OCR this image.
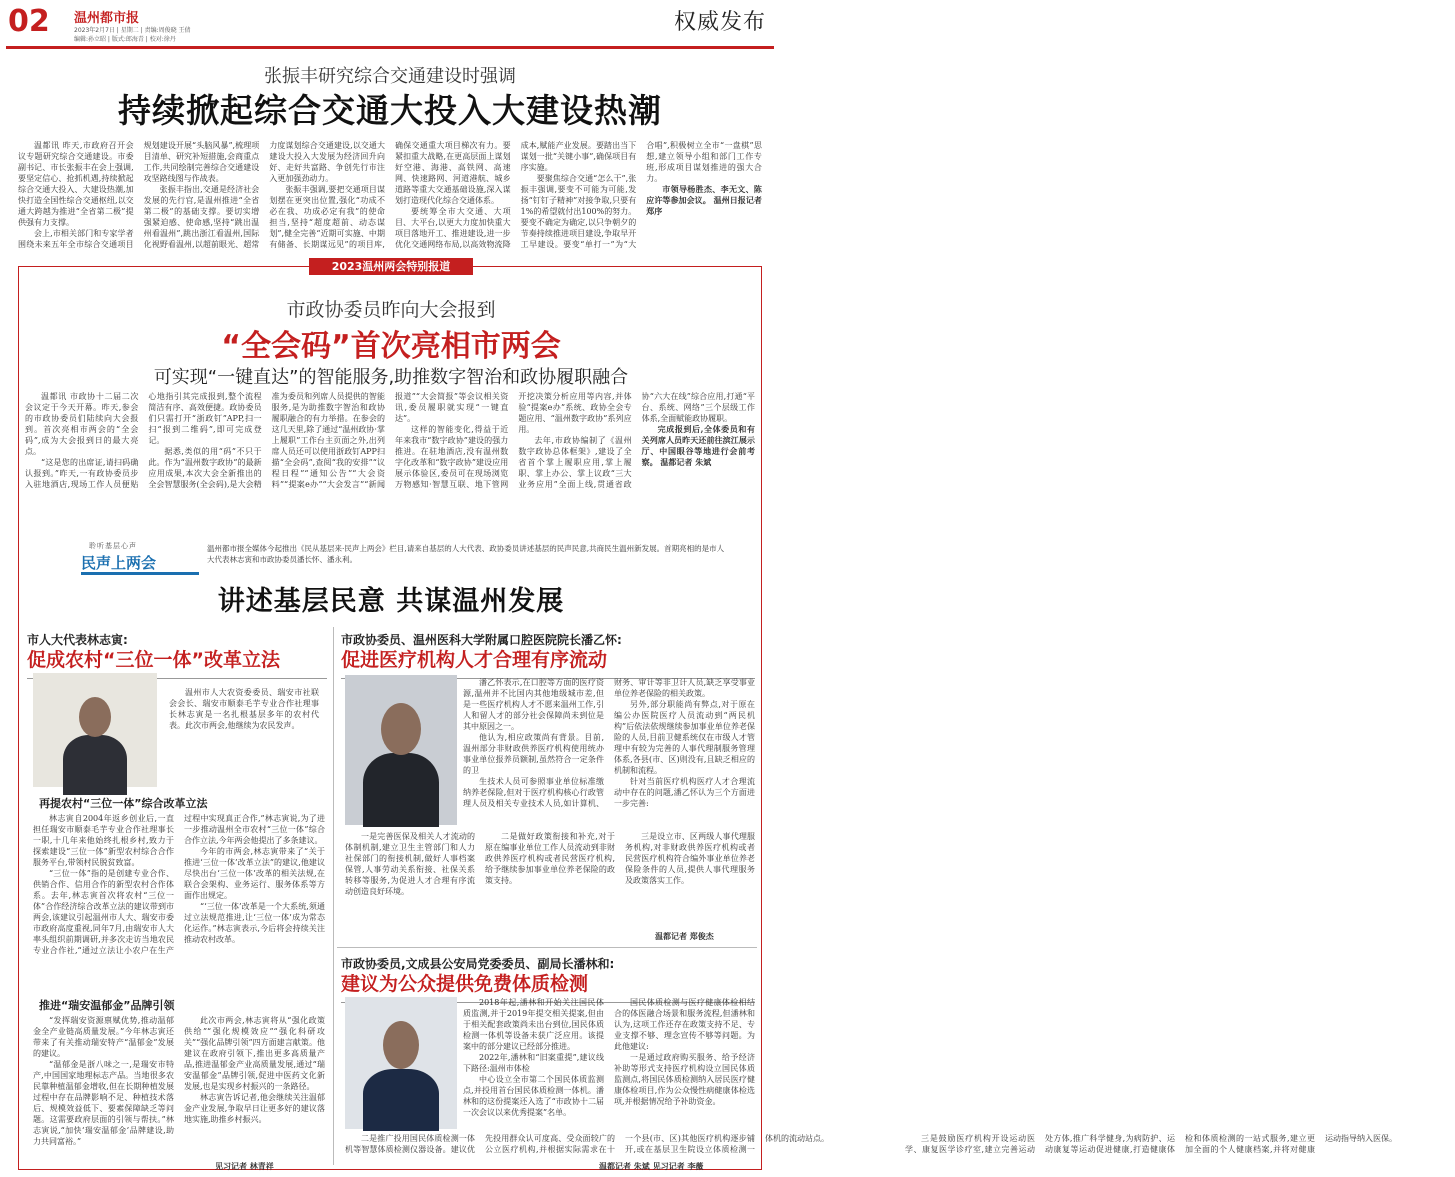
02 温州都市报
2023年2月7日 | 星期二 | 责编:周俊晓 王倩
编辑:孙立昭 | 版式:郎海青 | 校对:徐丹
权威发布
张振丰研究综合交通建设时强调
持续掀起综合交通大投入大建设热潮

温都讯 昨天,市政府召开会议专题研究综合交通建设。市委副书记、市长张振丰在会上强调,要坚定信心、抢抓机遇,持续掀起综合交通大投入、大建设热潮,加快打造全国性综合交通枢纽,以交通大跨越为推进“全省第二极”提供强有力支撑。

会上,市相关部门和专家学者围绕未来五年全市综合交通项目规划建设开展“头脑风暴”,梳理项目清单、研究补短措施,会商重点工作,共同绘制完善综合交通建设攻坚路线图与作战表。

张振丰指出,交通是经济社会发展的先行官,是温州推进“全省第二极”的基础支撑。要切实增强紧迫感、使命感,坚持“跳出温州看温州”,跳出浙江看温州,国际化视野看温州,以超前眼光、超常力度谋划综合交通建设,以交通大建设大投入大发展为经济回升向好、走好共富路、争创先行市注入更加强劲动力。

张振丰强调,要把交通项目谋划摆在更突出位置,强化“功成不必在我、功成必定有我”的使命担当,坚持“超度超前、动态谋划”,健全完善“近期可实施、中期有储备、长期谋远见”的项目库,确保交通重大项目梯次有力。要紧扣重大战略,在更高层面上谋划好空港、海港、高铁网、高速网、快速路网、河道港航、城乡道路等重大交通基础设施,深入谋划打造现代化综合交通体系。

要统筹全市大交通、大项目、大平台,以更大力度加快重大项目落地开工、推进建设,进一步优化交通网络布局,以高效物流降成本,赋能产业发展。要踏出当下谋划一批“关键小事”,确保项目有序实施。

要聚焦综合交通“怎么干”,张振丰强调,要变不可能为可能,发扬“钉钉子精神”对接争取,只要有1%的希望就付出100%的努力。要变不确定为确定,以只争朝夕的节奏持续推进项目建设,争取早开工早建设。要变“单打一”为“大合唱”,积极树立全市“一盘棋”思想,建立领导小组和部门工作专班,形成项目谋划推进的强大合力。

市领导杨胜杰、李无文、陈应许等参加会议。 温州日报记者 郑序

2023温州两会特别报道
市政协委员昨向大会报到
“全会码”首次亮相市两会
可实现“一键直达”的智能服务,助推数字智治和政协履职融合

温都讯 市政协十二届二次会议定于今天开幕。昨天,参会的市政协委员们陆续向大会报到。首次亮相市两会的“全会码”,成为大会报到日的最大亮点。

“这是您的出席证,请扫码确认报到。”昨天,一有政协委员步入驻地酒店,现场工作人员便贴心地指引其完成报到,整个流程简洁有序、高效便捷。政协委员们只需打开“浙政钉”APP,扫一扫“报到二维码”,即可完成登记。

据悉,类似的用“码”不只于此。作为“温州数字政协”的最新应用成果,本次大会全新推出的全会智慧服务(全会码),是大会精准为委员和列席人员提供的智能服务,是为助推数字智治和政协履职融合的有力举措。在参会的这几天里,除了通过“温州政协·掌上履职”工作台主页面之外,出列席人员还可以使用浙政钉APP扫描“全会码”,查阅“我的安排”“议程日程”“通知公告”“大会资料”“提案e办”“大会发言”“新闻报道”“大会简报”等会议相关资讯,委员履职就实现“一键直达”。

这样的智能变化,得益于近年来我市“数字政协”建设的强力推进。在驻地酒店,没有温州数字化改革和“数字政协”建设应用展示体验区,委员可在现场浏览万物感知·智慧互联、地下管网开挖决策分析应用等内容,并体验“提案e办”系统、政协全会专题应用、“温州数字政协”系列应用。

去年,市政协编制了《温州数字政协总体框架》,建设了全省首个掌上履职应用,掌上履职、掌上办公、掌上议政“三大业务应用”全面上线,贯通省政协“六大在线”综合应用,打通“平台、系统、网络”三个层级工作体系,全面赋能政协履职。

完成报到后,全体委员和有关列席人员昨天还前往滨江展示厅、中国眼谷等地进行会前考察。 温都记者 朱斌

聆听基层心声
民声上两会
温州都市报全媒体今起推出《民从基层来·民声上两会》栏目,请来自基层的人大代表、政协委员讲述基层的民声民意,共商民生温州新发展。首期亮相的是市人大代表林志寅和市政协委员潘长怀、潘永利。
讲述基层民意 共谋温州发展
市人大代表林志寅:
促成农村“三位一体”改革立法

温州市人大农资委委员、瑞安市社联会会长、瑞安市顺泰毛芋专业合作社理事长林志寅是一名扎根基层多年的农村代表。此次市两会,他继续为农民发声。

再提农村“三位一体”综合改革立法

林志寅自2004年返乡创业后,一直担任瑞安市顺泰毛芋专业合作社理事长一职,十几年来他始终扎根乡村,致力于探索建设“三位一体”新型农村综合合作服务平台,带领村民脱贫致富。

“三位一体”指的是创建专业合作、供销合作、信用合作的新型农村合作体系。去年,林志寅首次将农村“三位一体”合作经济综合改革立法的建议带到市两会,该建议引起温州市人大、瑞安市委市政府高度重视,同年7月,由瑞安市人大率头组织前期调研,并多次走访当地农民专业合作社,“通过立法让小农户在生产过程中实现真正合作,”林志寅说,为了进一步推动温州全市农村“三位一体”综合合作立法,今年两会他提出了多条建议。

今年的市两会,林志寅带来了“关于推进‘三位一体’改革立法”的建议,他建议尽快出台‘三位一体’改革的相关法规,在联合会架构、业务运行、服务体系等方面作出规定。

“‘三位一体’改革是一个大系统,须通过立法规范推进,让‘三位一体’成为常态化运作。”林志寅表示,今后将会持续关注推动农村改革。

推进“瑞安温郁金”品牌引领

“发挥瑞安资源禀赋优势,推动温郁金全产业链高质量发展。”今年林志寅还带来了有关推动瑞安特产“温郁金”发展的建议。

“温郁金是浙八味之一,是瑞安市特产,中国国家地理标志产品。当地很多农民靠种植温郁金增收,但在长期种植发展过程中存在品牌影响不足、种植技术落后、规模效益低下、要素保障缺乏等问题。这需要政府层面的引领与帮扶。”林志寅说,“加快‘瑞安温郁金’品牌建设,助力共同富裕。”

此次市两会,林志寅将从“强化政策供给”“强化规模效应”“强化科研攻关”“强化品牌引领”四方面建言献策。他建议在政府引领下,推出更多高质量产品,推进温郁金产业高质量发展,通过“瑞安温郁金”品牌引领,促进中医药文化新发展,也是实现乡村振兴的一条路径。

林志寅告诉记者,他会继续关注温郁金产业发展,争取早日让更多好的建议落地实施,助推乡村振兴。

见习记者 林青祥
市政协委员、温州医科大学附属口腔医院院长潘乙怀:
促进医疗机构人才合理有序流动

潘乙怀表示,在口腔等方面的医疗资源,温州并不比国内其他地级城市差,但是一些医疗机构人才不愿来温州工作,引人和留人才的部分社会保障尚未到位是其中原因之一。

他认为,相应政策尚有背景。目前,温州部分非财政供养医疗机构使用统办事业单位报养员额制,虽然符合一定条件的卫

生技术人员可参照事业单位标准缴纳养老保险,但对于医疗机构核心行政管理人员及相关专业技术人员,如计算机、财务、审计等非卫计人员,缺乏享受事业单位养老保险的相关政策。

另外,部分职能尚有弊点,对于原在编公办医院医疗人员流动到“两民机构”后依法依规继续参加事业单位养老保险的人员,目前卫健系统仅在市级人才管理中有较为完善的人事代理制服务管理体系,各县(市、区)则没有,且缺乏相应的机制和流程。

针对当前医疗机构医疗人才合理流动中存在的问题,潘乙怀认为三个方面进一步完善:

一是完善医保及相关人才流动的体制机制,建立卫生主管部门和人力社保部门的衔接机制,做好人事档案保管,人事劳动关系衔接、社保关系转移等服务,为促进人才合理有序流动创造良好环境。

二是做好政策衔接和补充,对于原在编事业单位工作人员流动到非财政供养医疗机构或者民营医疗机构,给予继续参加事业单位养老保险的政策支持。

三是设立市、区两级人事代理服务机构,对非财政供养医疗机构或者民营医疗机构符合编外事业单位养老保险条件的人员,提供人事代理服务及政策落实工作。

温都记者 郑俊杰
市政协委员,文成县公安局党委委员、副局长潘林和:
建议为公众提供免费体质检测

2018年起,潘林和开始关注国民体质监测,并于2019年提交相关提案,但由于相关配套政策尚未出台到位,国民体质检测一体机等设备未获广泛应用。该提案中的部分建议已经部分推进。

2022年,潘林和“旧案重提”,建议线下路径:温州市体检

中心设立全市第二个国民体质监测点,并投用首台国民体质检测一体机。潘林和的这份提案还入选了“市政协十二届一次会议以来优秀提案”名单。

国民体质检测与医疗健康体检相结合的体医融合场景和服务流程,但潘林和认为,这项工作还存在政策支持不足、专业支撑不够、理念宣传不够等问题。为此他建议:

一是通过政府购买服务、给予经济补助等形式支持医疗机构设立国民体质监测点,将国民体质检测纳入居民医疗健康体检项目,作为公众慢性病健康体检选项,并根据情况给予补助资金。

二是推广投用国民体质检测一体机等智慧体质检测仪器设备。建议优先投用群众认可度高、受众面较广的公立医疗机构,并根据实际需求在十一个县(市、区)其他医疗机构逐步铺开,或在基层卫生院设立体质检测一体机的流动站点。	三是鼓励医疗机构开设运动医学、康复医学诊疗室,建立完善运动处方体,推广科学健身,为病防护、运动康复等运动促进健康,打造健康体检和体质检测的一站式服务,建立更加全面的个人健康档案,并将对健康运动指导纳入医保。

温都记者 朱斌 见习记者 李薇
